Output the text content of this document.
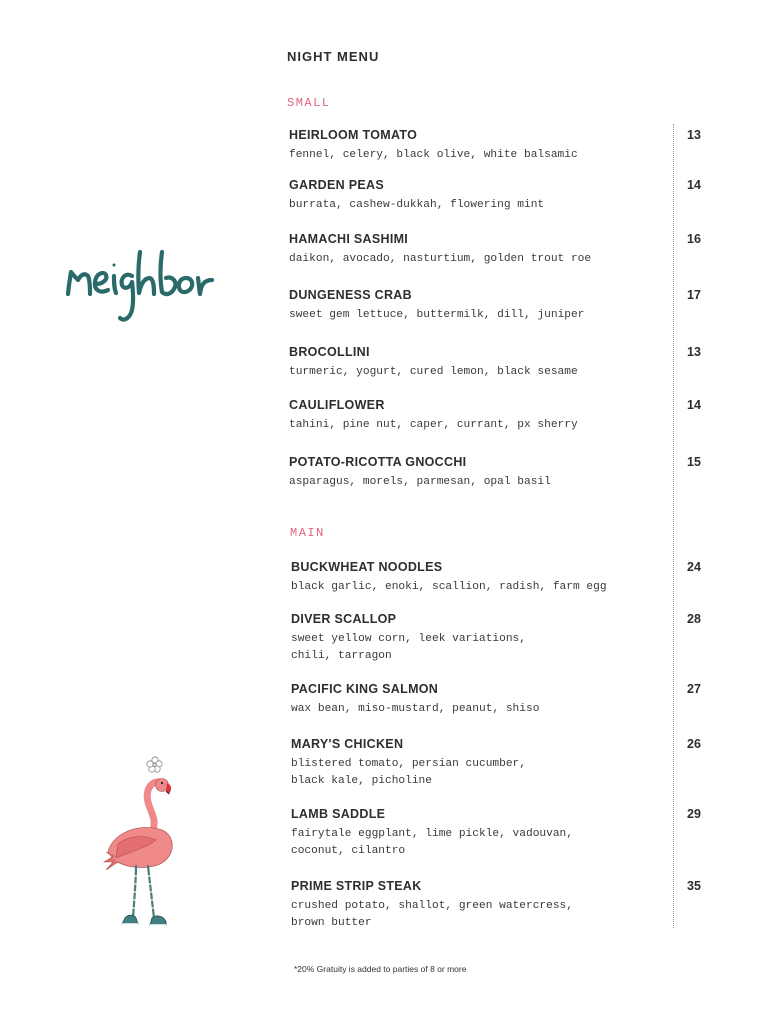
NIGHT MENU
SMALL
HEIRLOOM TOMATO
fennel, celery, black olive, white balsamic
13
GARDEN PEAS
burrata, cashew-dukkah, flowering mint
14
HAMACHI SASHIMI
daikon, avocado, nasturtium, golden trout roe
16
DUNGENESS CRAB
sweet gem lettuce, buttermilk, dill, juniper
17
BROCOLLINI
turmeric, yogurt, cured lemon, black sesame
13
CAULIFLOWER
tahini, pine nut, caper, currant, px sherry
14
POTATO-RICOTTA GNOCCHI
asparagus, morels, parmesan, opal basil
15
MAIN
BUCKWHEAT NOODLES
black garlic, enoki, scallion, radish, farm egg
24
DIVER SCALLOP
sweet yellow corn, leek variations,
chili, tarragon
28
PACIFIC KING SALMON
wax bean, miso-mustard, peanut, shiso
27
MARY'S CHICKEN
blistered tomato, persian cucumber,
black kale, picholine
26
LAMB SADDLE
fairytale eggplant, lime pickle, vadouvan,
coconut, cilantro
29
PRIME STRIP STEAK
crushed potato, shallot, green watercress,
brown butter
35
*20% Gratuity is added to parties of 8 or more
